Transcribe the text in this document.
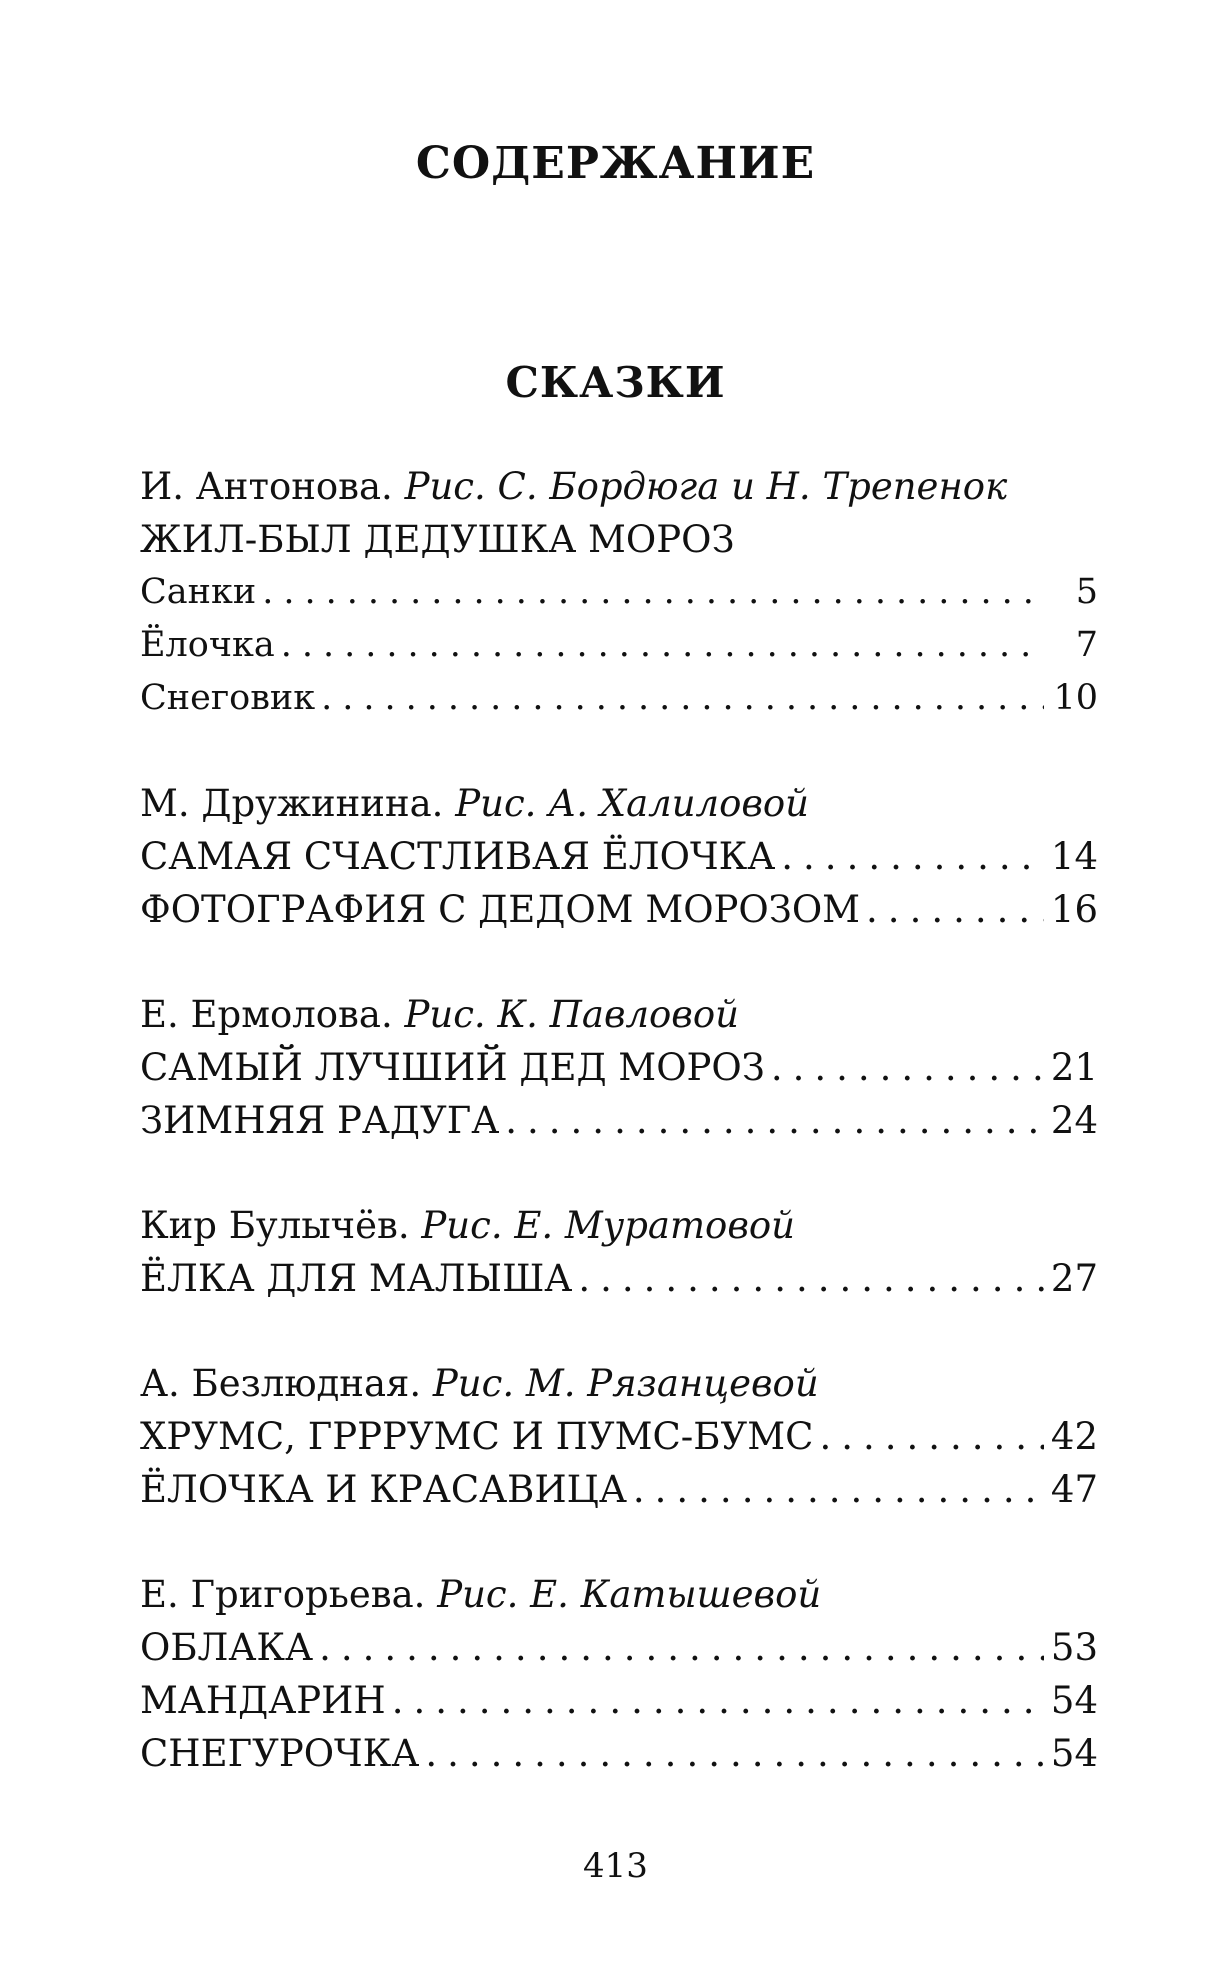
СОДЕРЖАНИЕ
СКАЗКИ
И. Антонова. Рис. С. Бордюга и Н. Трепенок
ЖИЛ-БЫЛ ДЕДУШКА МОРОЗ
Санки .....	5
Ёлочка .....	7
Снеговик .....	10
М. Дружинина. Рис. А. Халиловой
САМАЯ СЧАСТЛИВАЯ ЁЛОЧКА .....	14
ФОТОГРАФИЯ С ДЕДОМ МОРОЗОМ .....	16
Е. Ермолова. Рис. К. Павловой
САМЫЙ ЛУЧШИЙ ДЕД МОРОЗ .....	21
ЗИМНЯЯ РАДУГА .....	24
Кир Булычёв. Рис. Е. Муратовой
ЁЛКА ДЛЯ МАЛЫША .....	27
А. Безлюдная. Рис. М. Рязанцевой
ХРУМС, ГРРРУМС И ПУМС-БУМС .....	42
ЁЛОЧКА И КРАСАВИЦА .....	47
Е. Григорьева. Рис. Е. Катышевой
ОБЛАКА .....	53
МАНДАРИН .....	54
СНЕГУРОЧКА .....	54
413
